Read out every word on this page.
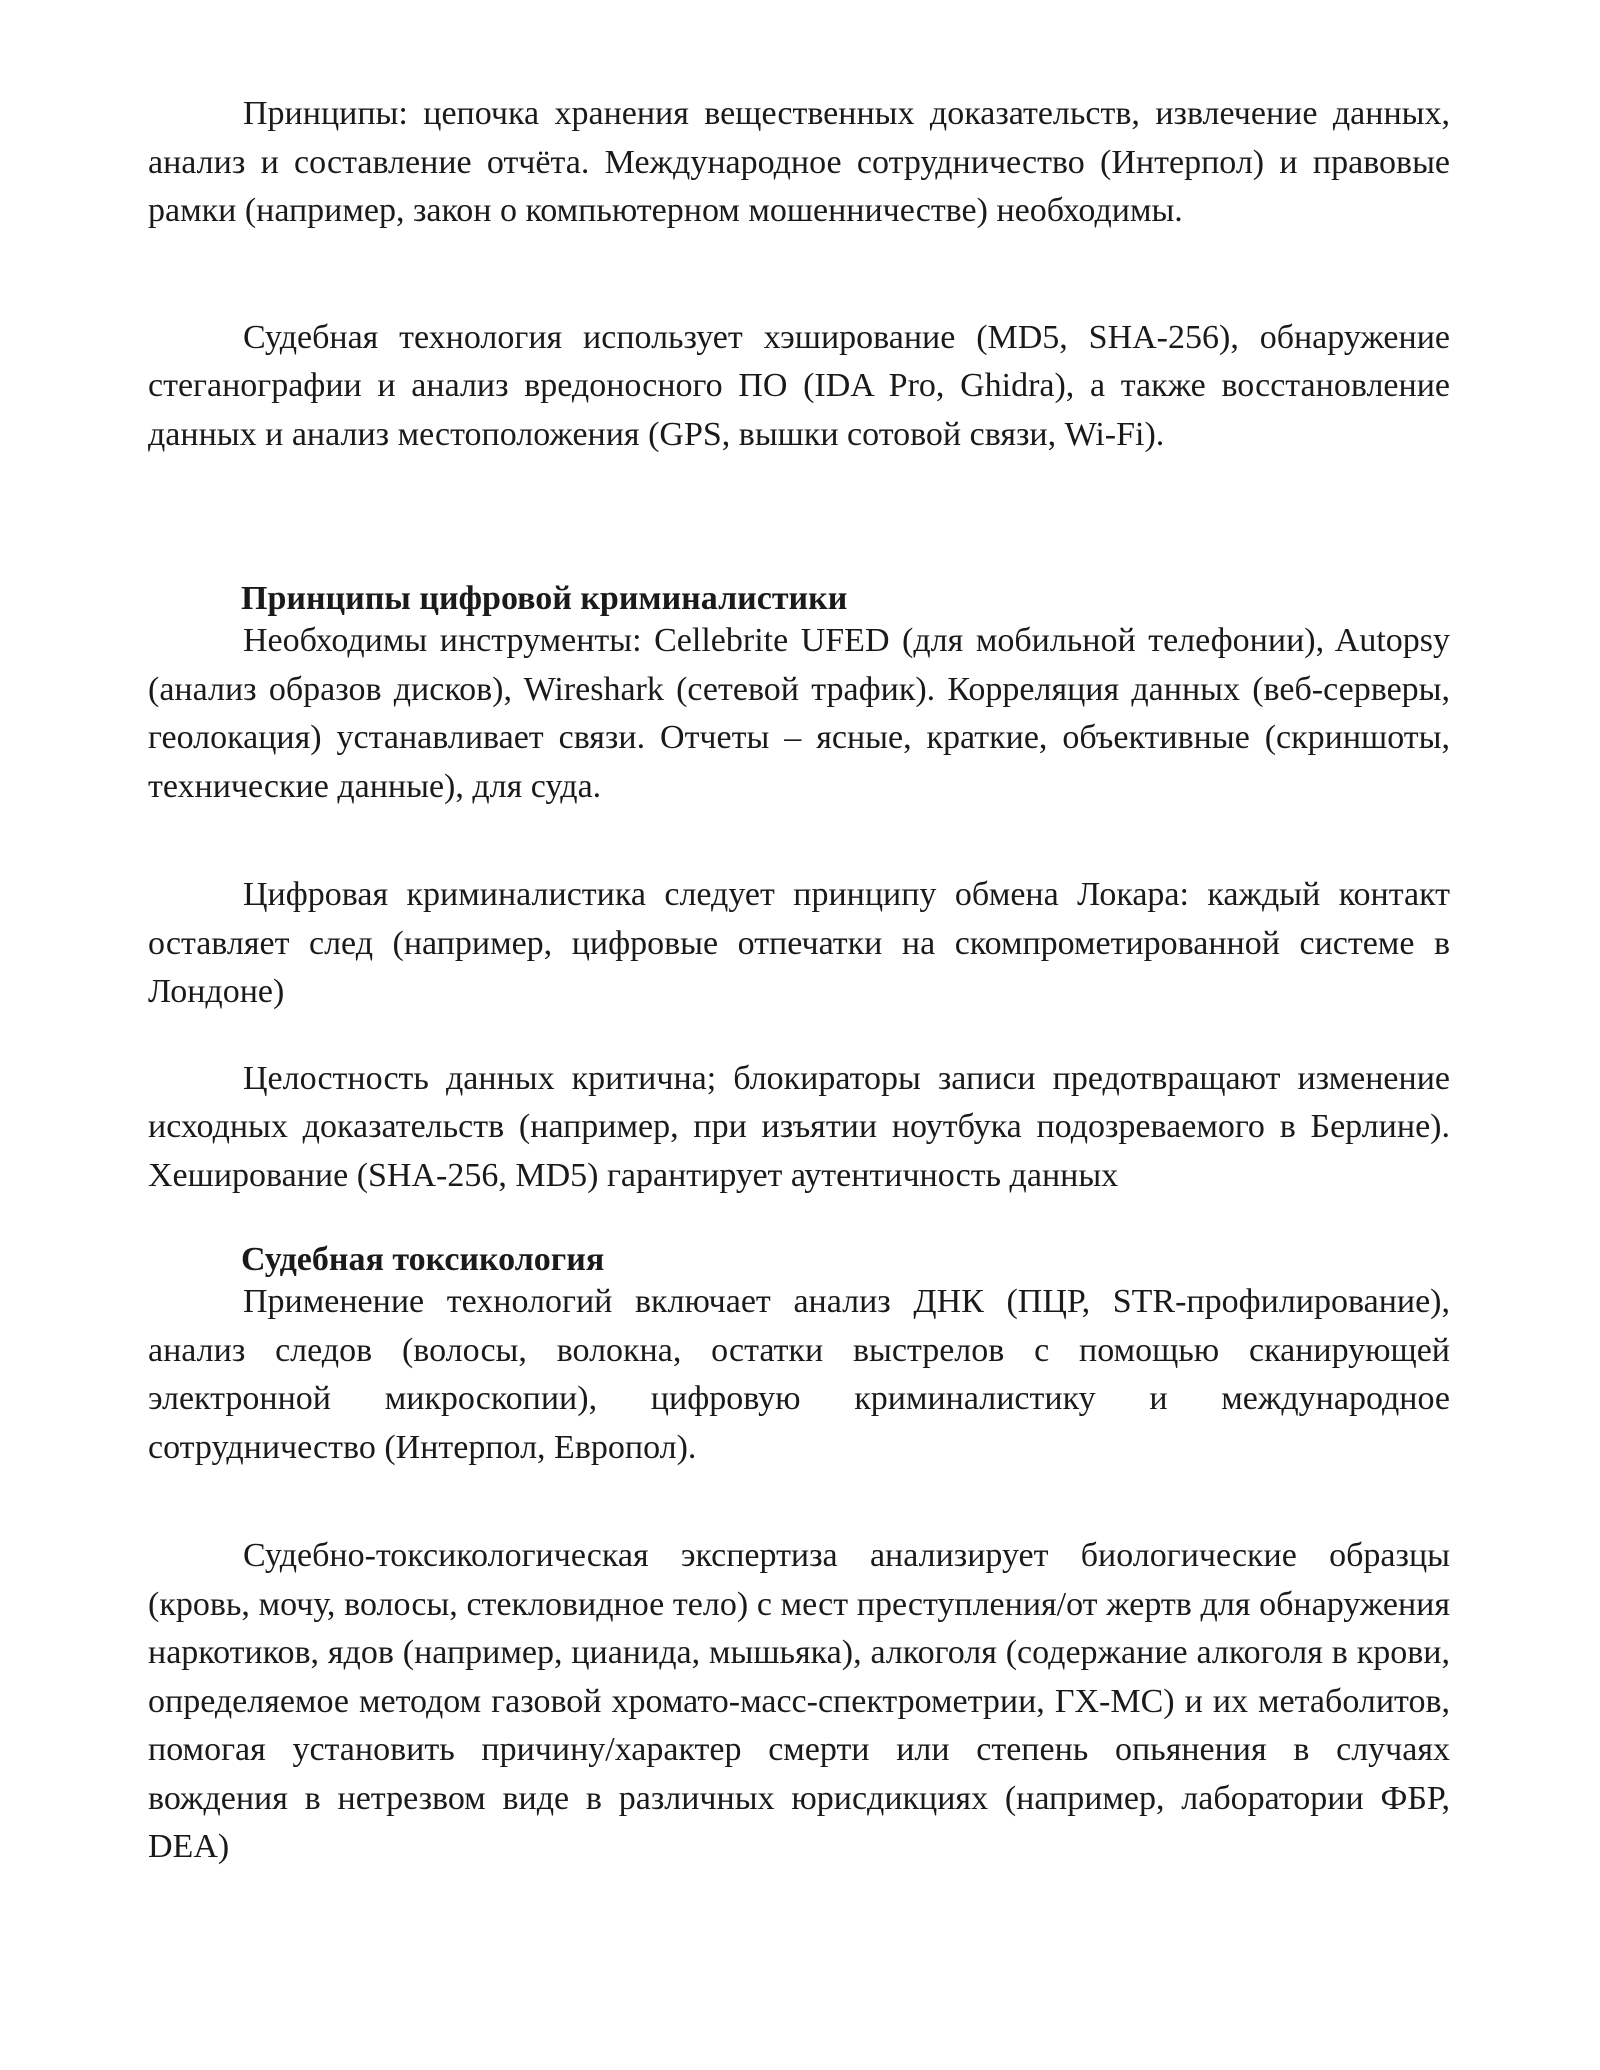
Принципы: цепочка хранения вещественных доказательств, извлечение данных, анализ и составление отчёта. Международное сотрудничество (Интерпол) и правовые рамки (например, закон о компьютерном мошенничестве) необходимы.

Судебная технология использует хэширование (MD5, SHA-256), обнаружение стеганографии и анализ вредоносного ПО (IDA Pro, Ghidra), а также восстановление данных и анализ местоположения (GPS, вышки сотовой связи, Wi-Fi).

Принципы цифровой криминалистики

Необходимы инструменты: Cellebrite UFED (для мобильной телефонии), Autopsy (анализ образов дисков), Wireshark (сетевой трафик). Корреляция данных (веб-серверы, геолокация) устанавливает связи. Отчеты – ясные, краткие, объективные (скриншоты, технические данные), для суда.

Цифровая криминалистика следует принципу обмена Локара: каждый контакт оставляет след (например, цифровые отпечатки на скомпрометированной системе в Лондоне)

Целостность данных критична; блокираторы записи предотвращают изменение исходных доказательств (например, при изъятии ноутбука подозреваемого в Берлине). Хеширование (SHA-256, MD5) гарантирует аутентичность данных

Судебная токсикология

Применение технологий включает анализ ДНК (ПЦР, STR-профилирование), анализ следов (волосы, волокна, остатки выстрелов с помощью сканирующей электронной микроскопии), цифровую криминалистику и международное сотрудничество (Интерпол, Европол).

Судебно-токсикологическая экспертиза анализирует биологические образцы (кровь, мочу, волосы, стекловидное тело) с мест преступления/от жертв для обнаружения наркотиков, ядов (например, цианида, мышьяка), алкоголя (содержание алкоголя в крови, определяемое методом газовой хромато-масс-спектрометрии, ГХ-МС) и их метаболитов, помогая установить причину/характер смерти или степень опьянения в случаях вождения в нетрезвом виде в различных юрисдикциях (например, лаборатории ФБР, DEA)
